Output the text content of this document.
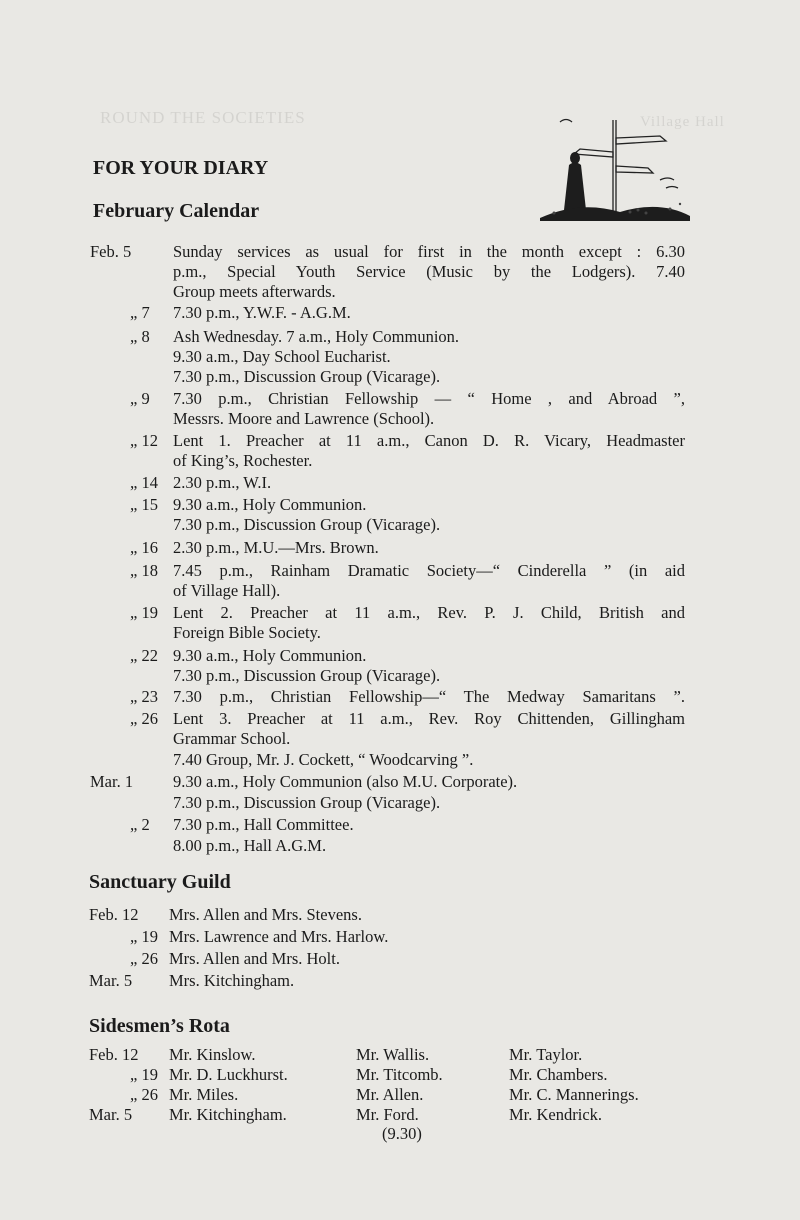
ROUND THE SOCIETIES	Village Hall
FOR YOUR DIARY
February Calendar
Feb. 5	Sunday services as usual for first in the month except : 6.30
p.m., Special Youth Service (Music by the Lodgers). 7.40
Group meets afterwards.
„ 7 7.30 p.m., Y.W.F. - A.G.M.
„ 8 Ash Wednesday. 7 a.m., Holy Communion.
9.30 a.m., Day School Eucharist.
7.30 p.m., Discussion Group (Vicarage).
„ 9 7.30 p.m., Christian Fellowship — “ Home , and Abroad ”,
Messrs. Moore and Lawrence (School).
„ 12 Lent 1. Preacher at 11 a.m., Canon D. R. Vicary, Headmaster
of King’s, Rochester.
„ 14 2.30 p.m., W.I.
„ 15 9.30 a.m., Holy Communion.
7.30 p.m., Discussion Group (Vicarage).
„ 16 2.30 p.m., M.U.—Mrs. Brown.
„ 18 7.45 p.m., Rainham Dramatic Society—“ Cinderella ” (in aid
of Village Hall).
„ 19 Lent 2. Preacher at 11 a.m., Rev. P. J. Child, British and
Foreign Bible Society.
„ 22 9.30 a.m., Holy Communion.
7.30 p.m., Discussion Group (Vicarage).
„ 23 7.30 p.m., Christian Fellowship—“ The Medway Samaritans ”.
„ 26 Lent 3. Preacher at 11 a.m., Rev. Roy Chittenden, Gillingham
Grammar School.
7.40 Group, Mr. J. Cockett, “ Woodcarving ”.
Mar. 1 9.30 a.m., Holy Communion (also M.U. Corporate).
7.30 p.m., Discussion Group (Vicarage).
„ 2 7.30 p.m., Hall Committee.
8.00 p.m., Hall A.G.M.
Sanctuary Guild
Feb. 12 Mrs. Allen and Mrs. Stevens.
„ 19 Mrs. Lawrence and Mrs. Harlow.
„ 26 Mrs. Allen and Mrs. Holt.
Mar. 5 Mrs. Kitchingham.
Sidesmen’s Rota
Feb. 12 Mr. Kinslow.	Mr. Wallis.	Mr. Taylor.
„ 19 Mr. D. Luckhurst.	Mr. Titcomb.	Mr. Chambers.
„ 26 Mr. Miles.	Mr. Allen.	Mr. C. Mannerings.
Mar. 5 Mr. Kitchingham.	Mr. Ford.	Mr. Kendrick.
(9.30)
